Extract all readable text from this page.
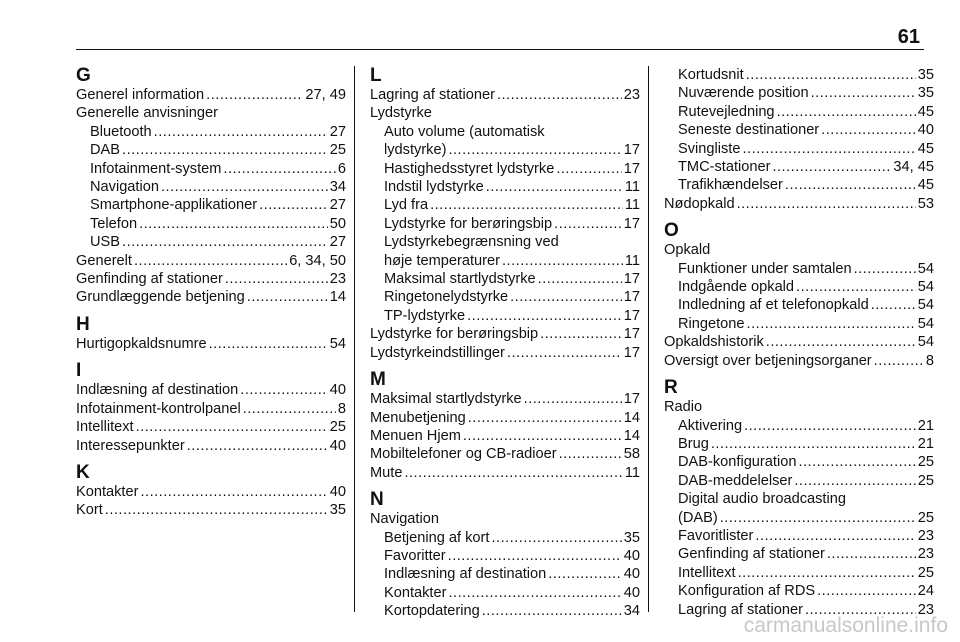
61
G
Generel information .....	27, 49
Generelle anvisninger
Bluetooth .....	27
DAB .....	25
Infotainment-system .....	6
Navigation .....	34
Smartphone-applikationer .....	27
Telefon .....	50
USB .....	27
Generelt .....	6, 34, 50
Genfinding af stationer .....	23
Grundlæggende betjening .....	14
H
Hurtigopkaldsnumre .....	54
I
Indlæsning af destination .....	40
Infotainment-kontrolpanel .....	8
Intellitext .....	25
Interessepunkter .....	40
K
Kontakter .....	40
Kort .....	35
L
Lagring af stationer .....	23
Lydstyrke
Auto volume (automatisk
lydstyrke) .....	17
Hastighedsstyret lydstyrke .....	17
Indstil lydstyrke .....	11
Lyd fra .....	11
Lydstyrke for berøringsbip .....	17
Lydstyrkebegrænsning ved
høje temperaturer .....	11
Maksimal startlydstyrke .....	17
Ringetonelydstyrke .....	17
TP-lydstyrke .....	17
Lydstyrke for berøringsbip .....	17
Lydstyrkeindstillinger .....	17
M
Maksimal startlydstyrke .....	17
Menubetjening .....	14
Menuen Hjem .....	14
Mobiltelefoner og CB-radioer .....	58
Mute .....	11
N
Navigation
Betjening af kort .....	35
Favoritter .....	40
Indlæsning af destination .....	40
Kontakter .....	40
Kortopdatering .....	34
Kortudsnit .....	35
Nuværende position .....	35
Rutevejledning .....	45
Seneste destinationer .....	40
Svingliste .....	45
TMC-stationer .....	34, 45
Trafikhændelser .....	45
Nødopkald .....	53
O
Opkald
Funktioner under samtalen .....	54
Indgående opkald .....	54
Indledning af et telefonopkald .....	54
Ringetone .....	54
Opkaldshistorik .....	54
Oversigt over betjeningsorganer .....	8
R
Radio
Aktivering .....	21
Brug .....	21
DAB-konfiguration .....	25
DAB-meddelelser .....	25
Digital audio broadcasting
(DAB) .....	25
Favoritlister .....	23
Genfinding af stationer .....	23
Intellitext .....	25
Konfiguration af RDS .....	24
Lagring af stationer .....	23
carmanualsonline.info
